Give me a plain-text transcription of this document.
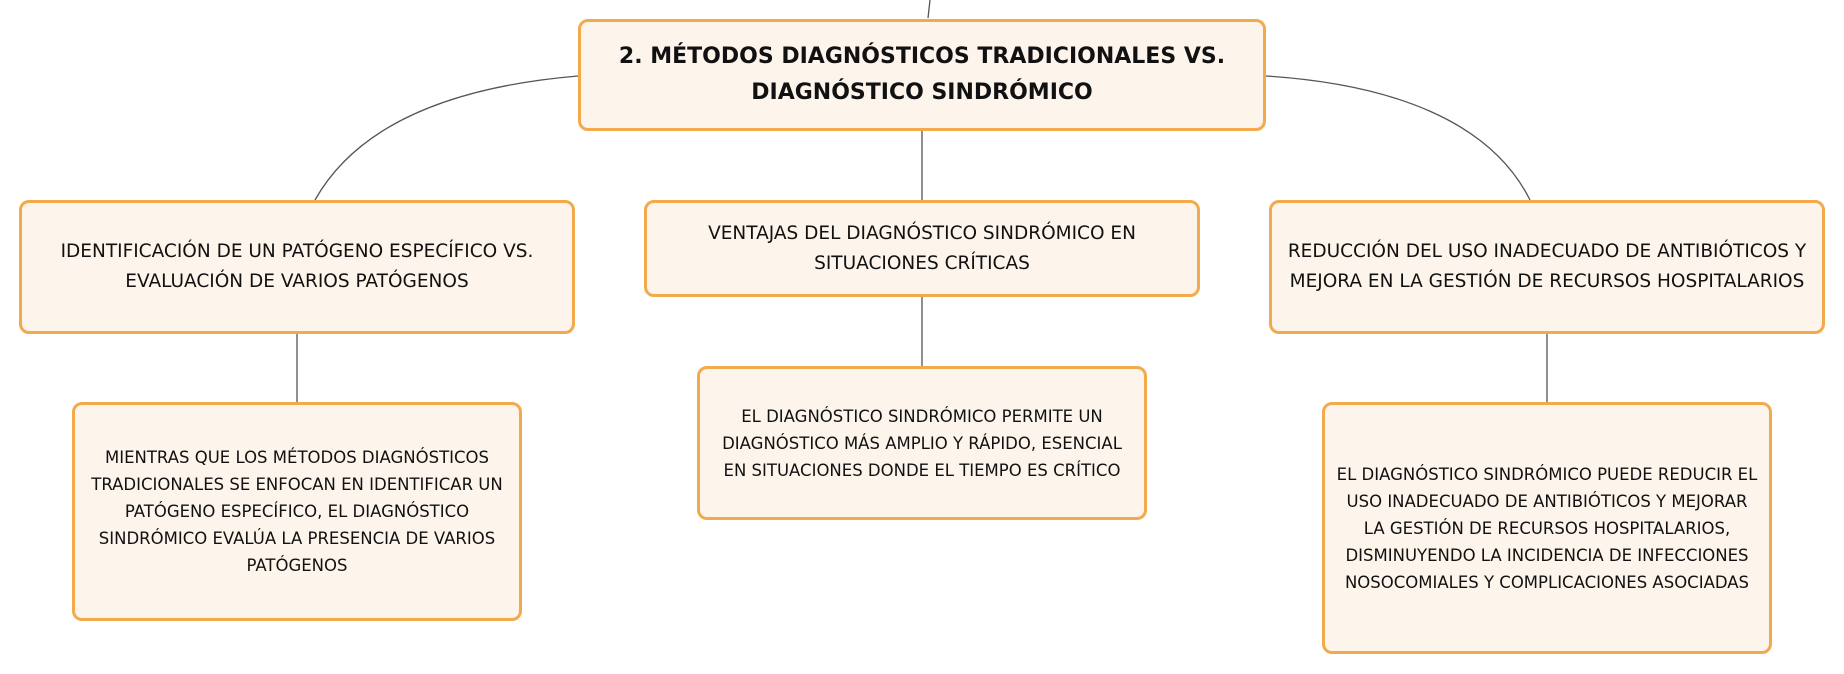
2. MÉTODOS DIAGNÓSTICOS TRADICIONALES VS. DIAGNÓSTICO SINDRÓMICO
IDENTIFICACIÓN DE UN PATÓGENO ESPECÍFICO VS. EVALUACIÓN DE VARIOS PATÓGENOS
VENTAJAS DEL DIAGNÓSTICO SINDRÓMICO EN SITUACIONES CRÍTICAS
REDUCCIÓN DEL USO INADECUADO DE ANTIBIÓTICOS Y MEJORA EN LA GESTIÓN DE RECURSOS HOSPITALARIOS
MIENTRAS QUE LOS MÉTODOS DIAGNÓSTICOS TRADICIONALES SE ENFOCAN EN IDENTIFICAR UN PATÓGENO ESPECÍFICO, EL DIAGNÓSTICO SINDRÓMICO EVALÚA LA PRESENCIA DE VARIOS PATÓGENOS
EL DIAGNÓSTICO SINDRÓMICO PERMITE UN DIAGNÓSTICO MÁS AMPLIO Y RÁPIDO, ESENCIAL EN SITUACIONES DONDE EL TIEMPO ES CRÍTICO	EL DIAGNÓSTICO SINDRÓMICO PUEDE REDUCIR EL USO INADECUADO DE ANTIBIÓTICOS Y MEJORAR LA GESTIÓN DE RECURSOS HOSPITALARIOS, DISMINUYENDO LA INCIDENCIA DE INFECCIONES NOSOCOMIALES Y COMPLICACIONES ASOCIADAS
